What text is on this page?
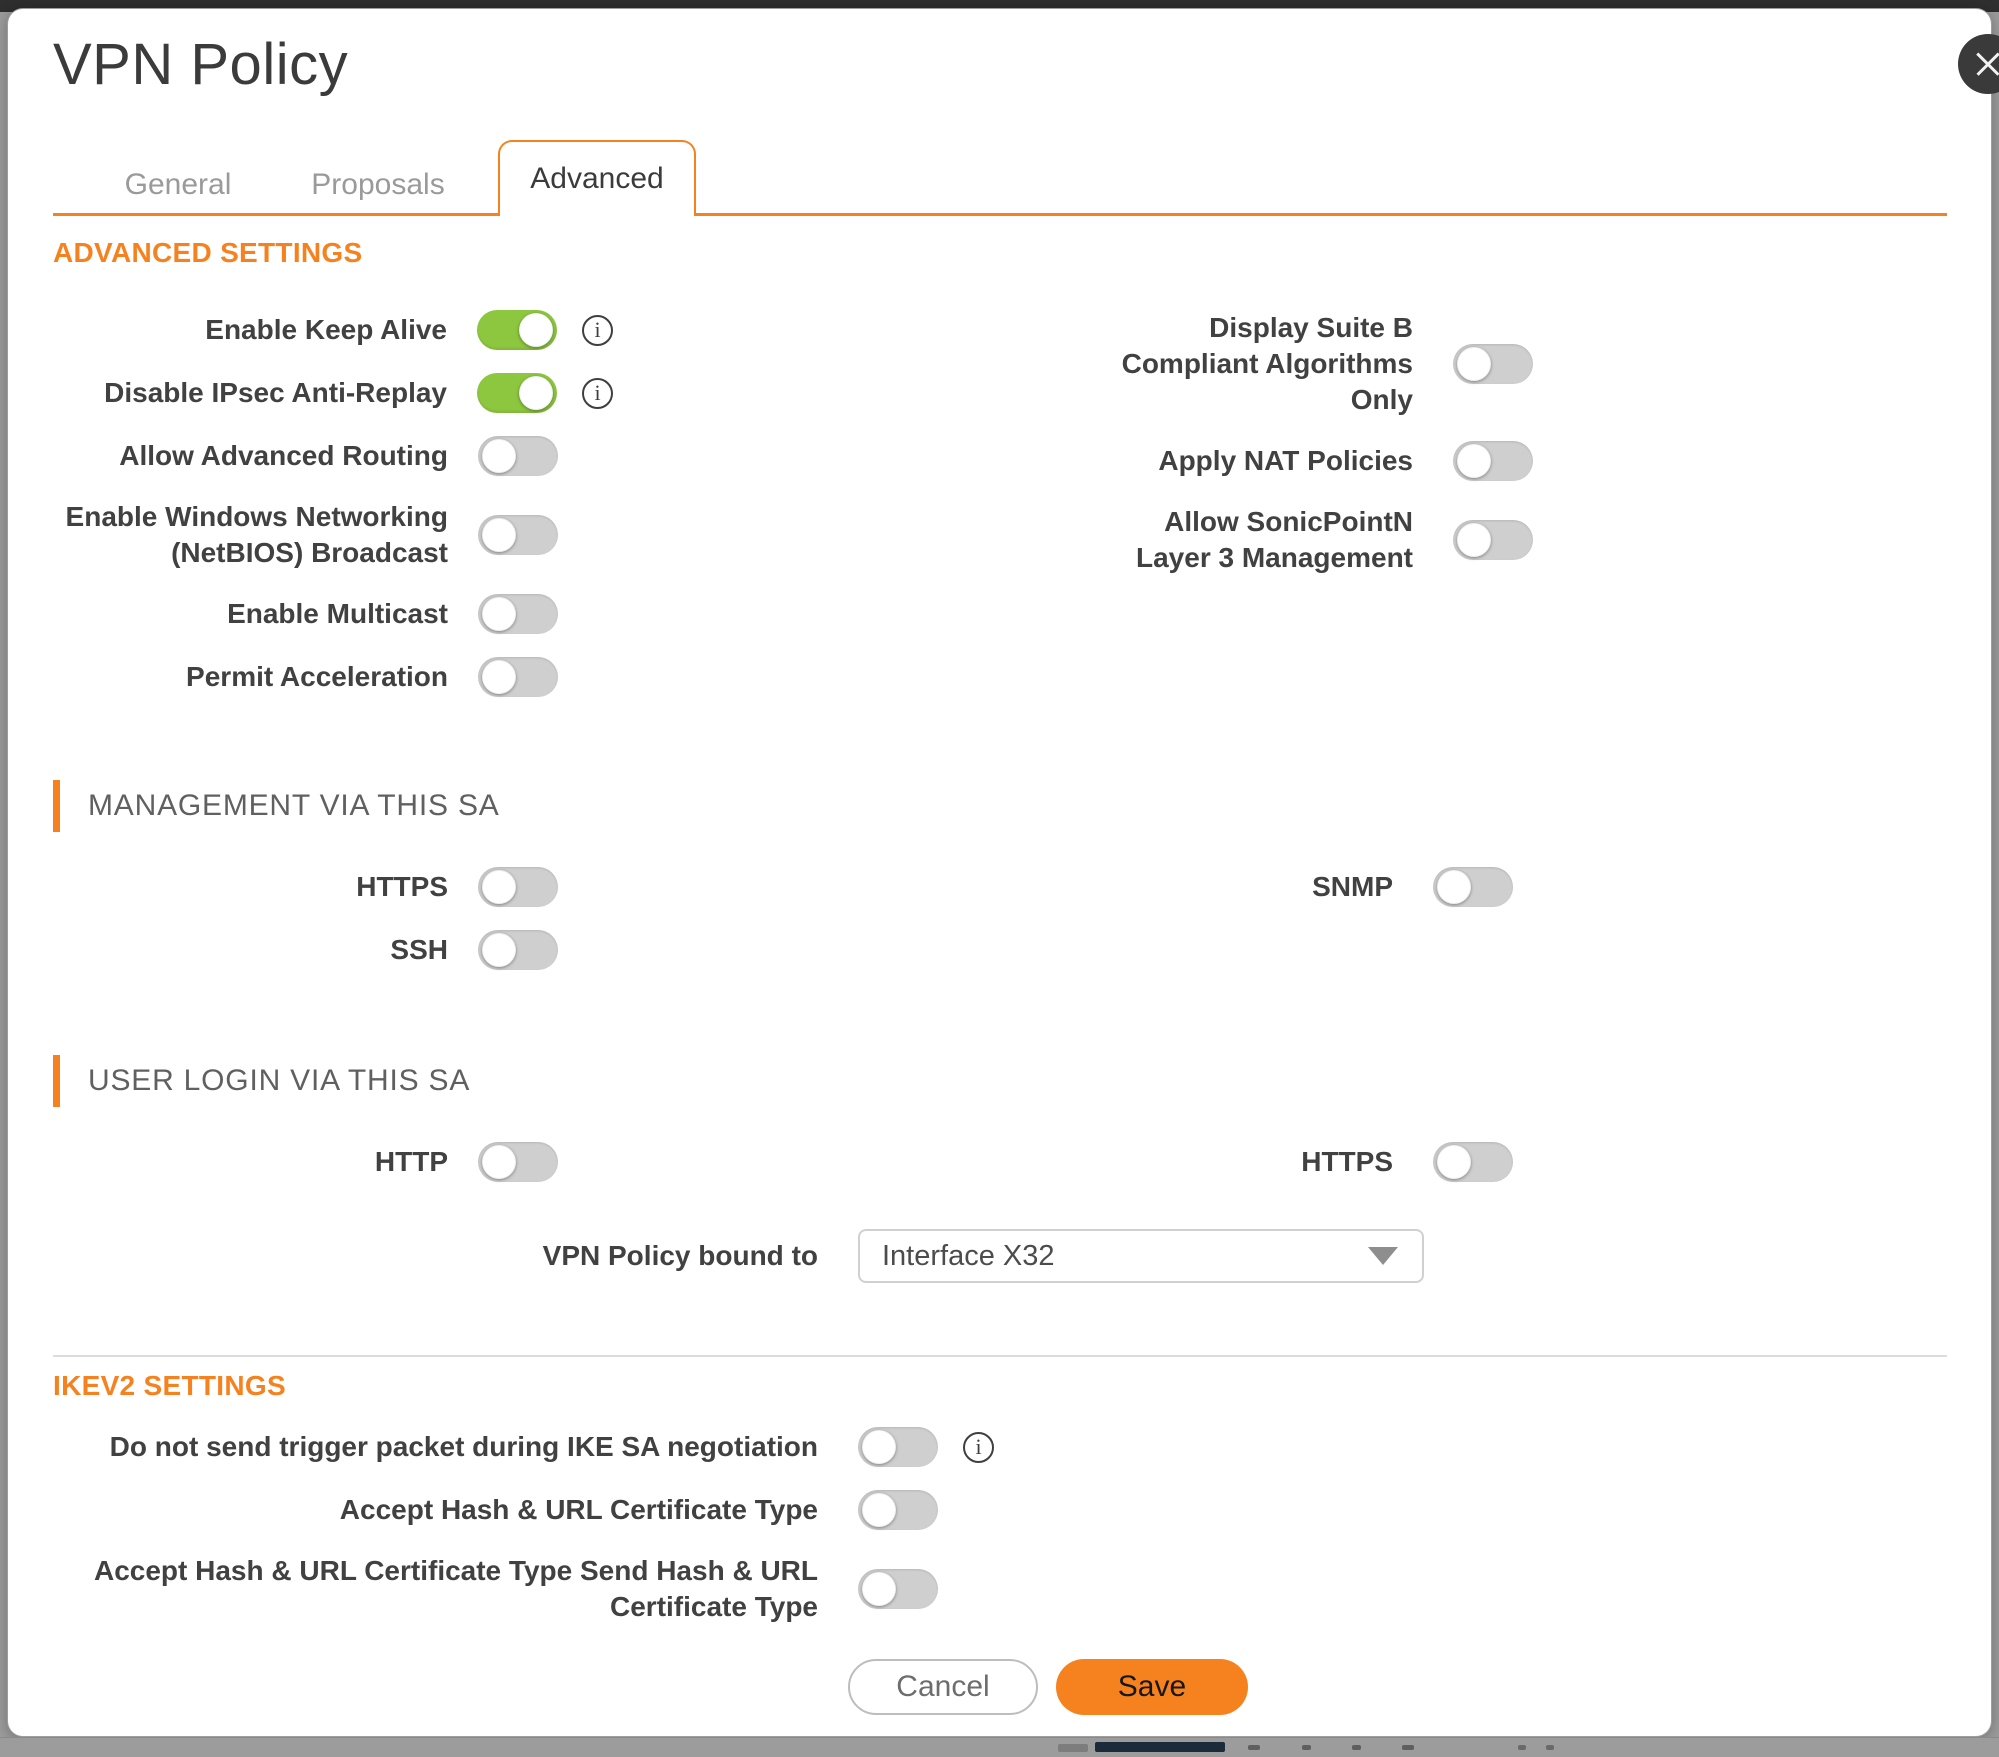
VPN Policy
General	Proposals	Advanced
ADVANCED SETTINGS
Enable Keep Alive
i
Disable IPsec Anti-Replay
i
Allow Advanced Routing
Enable Windows Networking (NetBIOS) Broadcast
Enable Multicast
Permit Acceleration
Display Suite B Compliant Algorithms Only
Apply NAT Policies
Allow SonicPointN Layer 3 Management
MANAGEMENT VIA THIS SA
HTTPS
SSH
SNMP
USER LOGIN VIA THIS SA
HTTP	HTTPS
VPN Policy bound to Interface X32
IKEV2 SETTINGS
Do not send trigger packet during IKE SA negotiation
i
Accept Hash & URL Certificate Type
Accept Hash & URL Certificate Type Send Hash & URL Certificate Type
Cancel	Save
